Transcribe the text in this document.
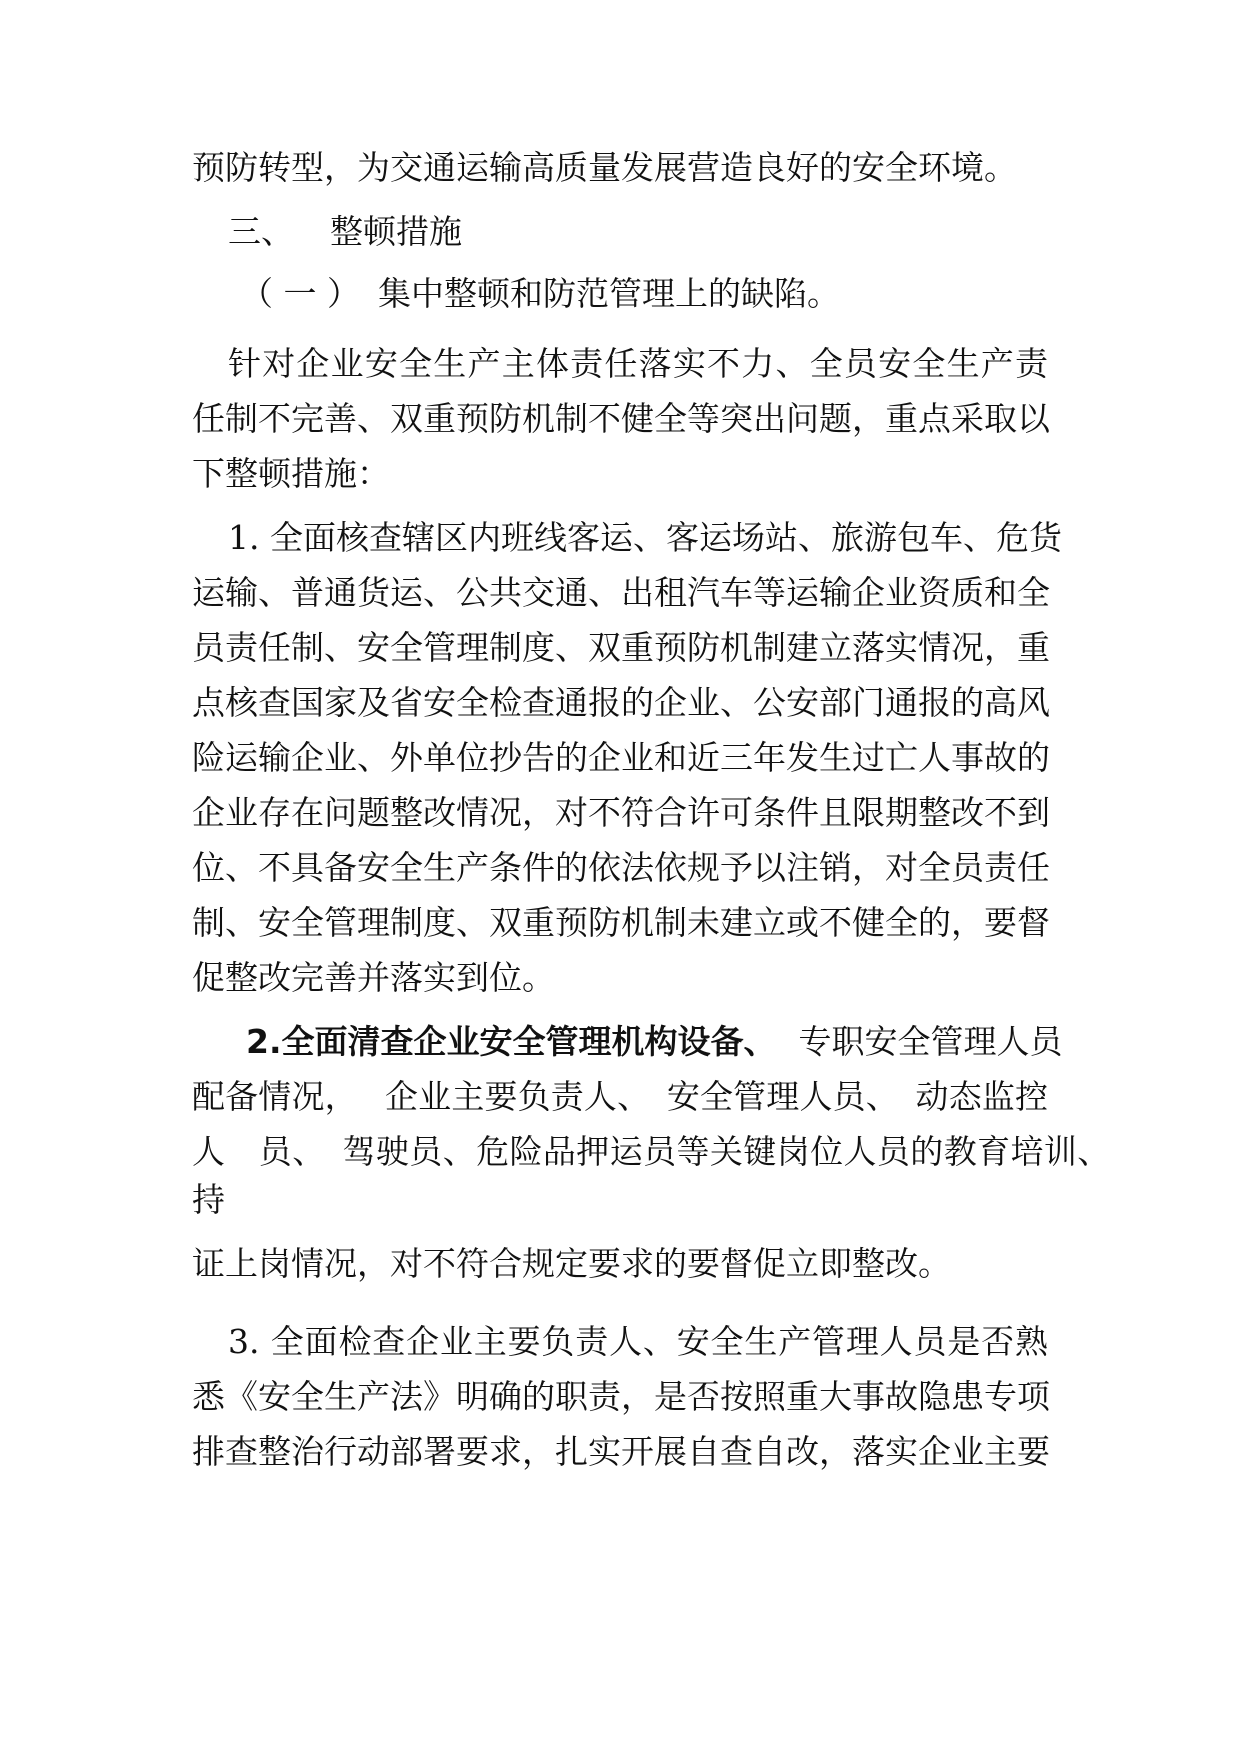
预防转型，为交通运输高质量发展营造良好的安全环境。

三、 整顿措施

（ 一 ） 集中整顿和防范管理上的缺陷。

针对企业安全生产主体责任落实不力、全员安全生产责

任制不完善、双重预防机制不健全等突出问题，重点采取以

下整顿措施：

1. 全面核查辖区内班线客运、客运场站、旅游包车、危货

运输、普通货运、公共交通、出租汽车等运输企业资质和全

员责任制、安全管理制度、双重预防机制建立落实情况，重

点核查国家及省安全检查通报的企业、公安部门通报的高风

险运输企业、外单位抄告的企业和近三年发生过亡人事故的

企业存在问题整改情况，对不符合许可条件且限期整改不到

位、不具备安全生产条件的依法依规予以注销，对全员责任

制、安全管理制度、双重预防机制未建立或不健全的，要督

促整改完善并落实到位。

2.全面清查企业安全管理机构设备、 专职安全管理人员

配备情况，　 企业主要负责人、　安全管理人员、　动态监控

人　员、　驾驶员、危险品押运员等关键岗位人员的教育培训、

持

证上岗情况，对不符合规定要求的要督促立即整改。

3. 全面检查企业主要负责人、安全生产管理人员是否熟

悉《安全生产法》明确的职责，是否按照重大事故隐患专项

排查整治行动部署要求，扎实开展自查自改，落实企业主要
